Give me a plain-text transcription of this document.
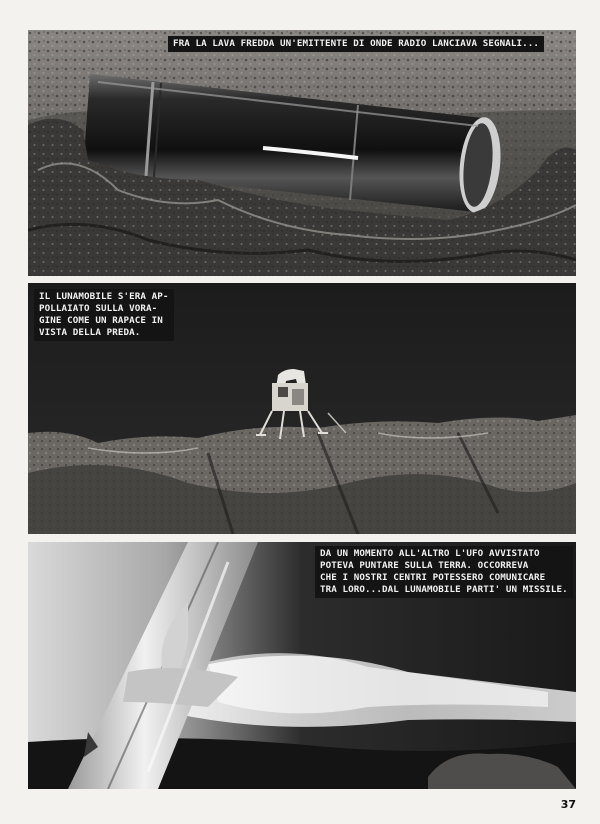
FRA LA LAVA FREDDA UN'EMITTENTE DI ONDE RADIO LANCIAVA SEGNALI...
IL LUNAMOBILE S'ERA AP-
POLLAIATO SULLA VORA-
GINE COME UN RAPACE IN
VISTA DELLA PREDA.
DA UN MOMENTO ALL'ALTRO L'UFO AVVISTATO
POTEVA PUNTARE SULLA TERRA. OCCORREVA
CHE I NOSTRI CENTRI POTESSERO COMUNICARE
TRA LORO...DAL LUNAMOBILE PARTI' UN MISSILE.
37
